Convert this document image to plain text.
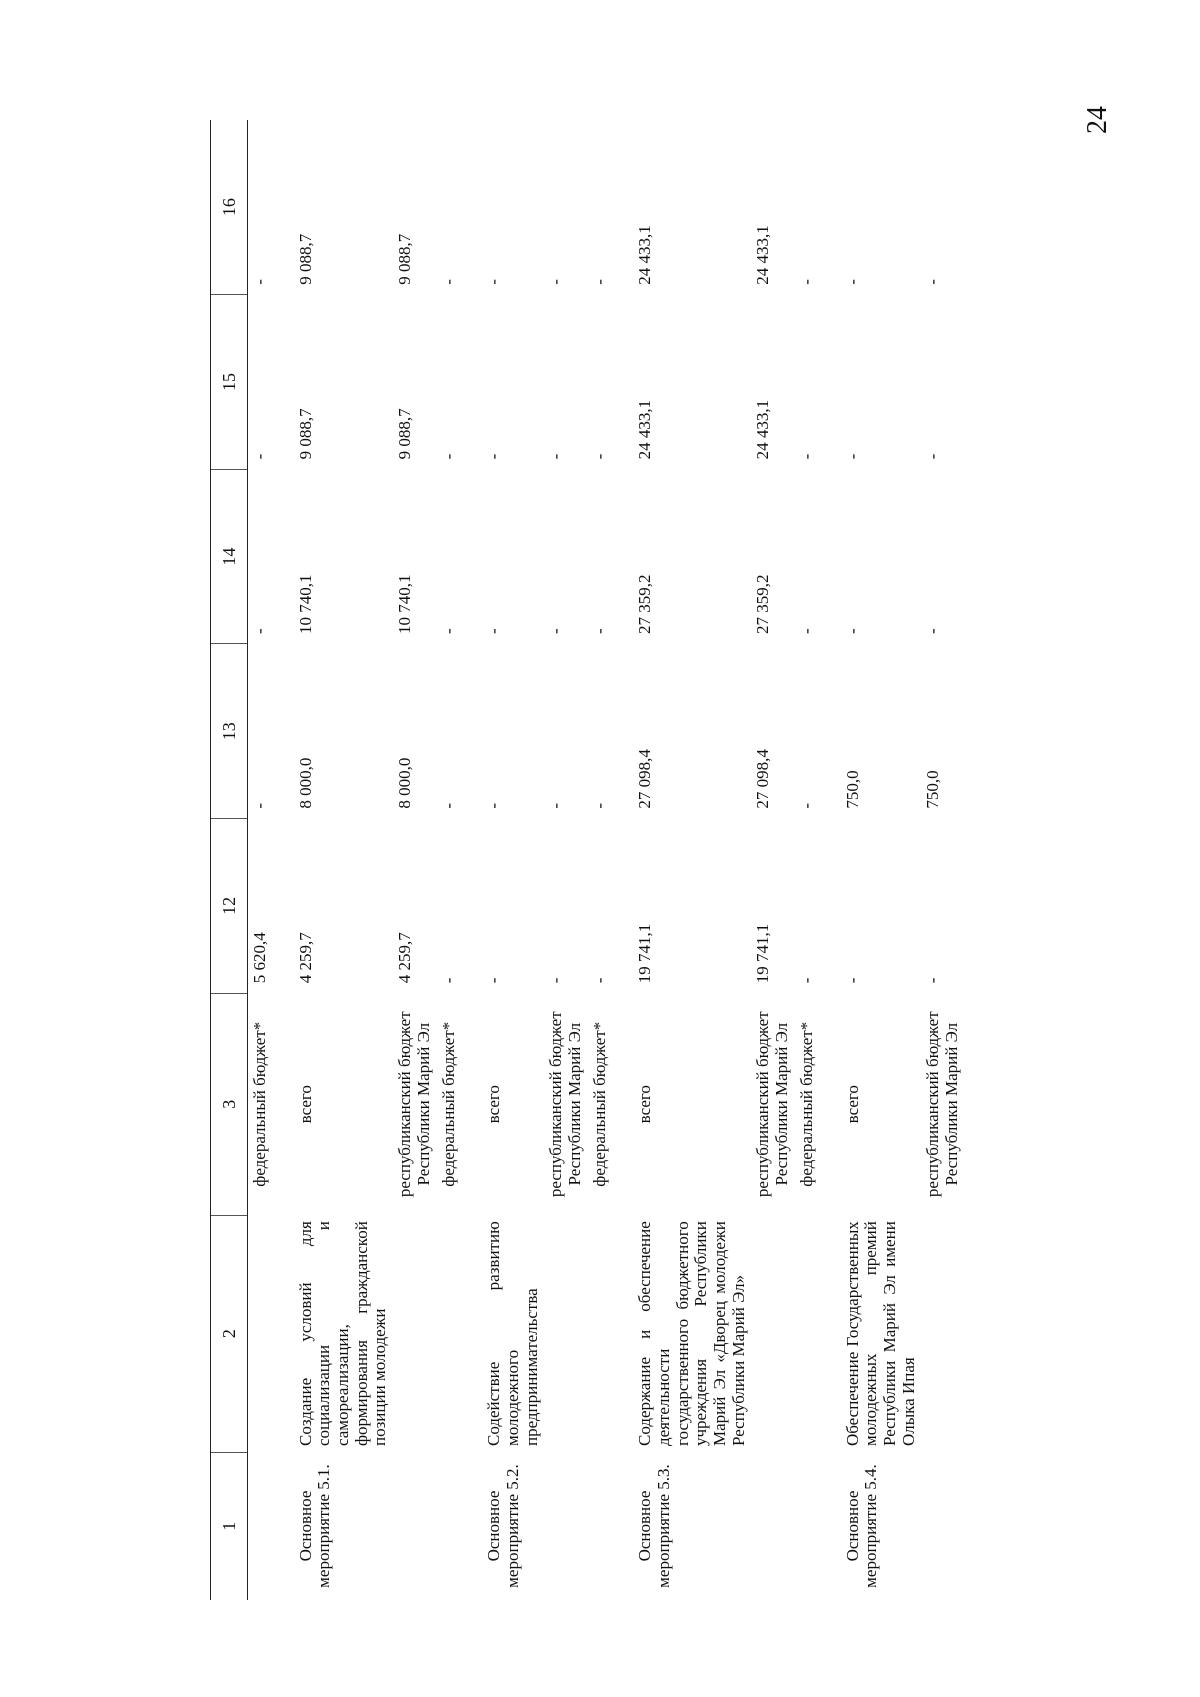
24
1	2	3	12	13	14	15	16
		федеральный бюджет*	5 620,4	-	-	-	-
Основное мероприятие 5.1.	Создание условий для социализации и самореализации, формирования гражданской позиции молодежи	всего	4 259,7	8 000,0	10 740,1	9 088,7	9 088,7
		республиканский бюджет Республики Марий Эл	4 259,7	8 000,0	10 740,1	9 088,7	9 088,7
		федеральный бюджет*	-	-	-	-	-
Основное мероприятие 5.2.	Содействие развитию молодежного предпринимательства	всего	-	-	-	-	-
		республиканский бюджет Республики Марий Эл	-	-	-	-	-
		федеральный бюджет*	-	-	-	-	-
Основное мероприятие 5.3.	Содержание и обеспечение деятельности государственного бюджетного учреждения Республики Марий Эл «Дворец молодежи Республики Марий Эл»	всего	19 741,1	27 098,4	27 359,2	24 433,1	24 433,1
		республиканский бюджет Республики Марий Эл	19 741,1	27 098,4	27 359,2	24 433,1	24 433,1
		федеральный бюджет*	-	-	-	-	-
Основное мероприятие 5.4.	Обеспечение Государственных молодежных премий Республики Марий Эл имени Олыка Ипая	всего	-	750,0	-	-	-
		республиканский бюджет Республики Марий Эл	-	750,0	-	-	-
